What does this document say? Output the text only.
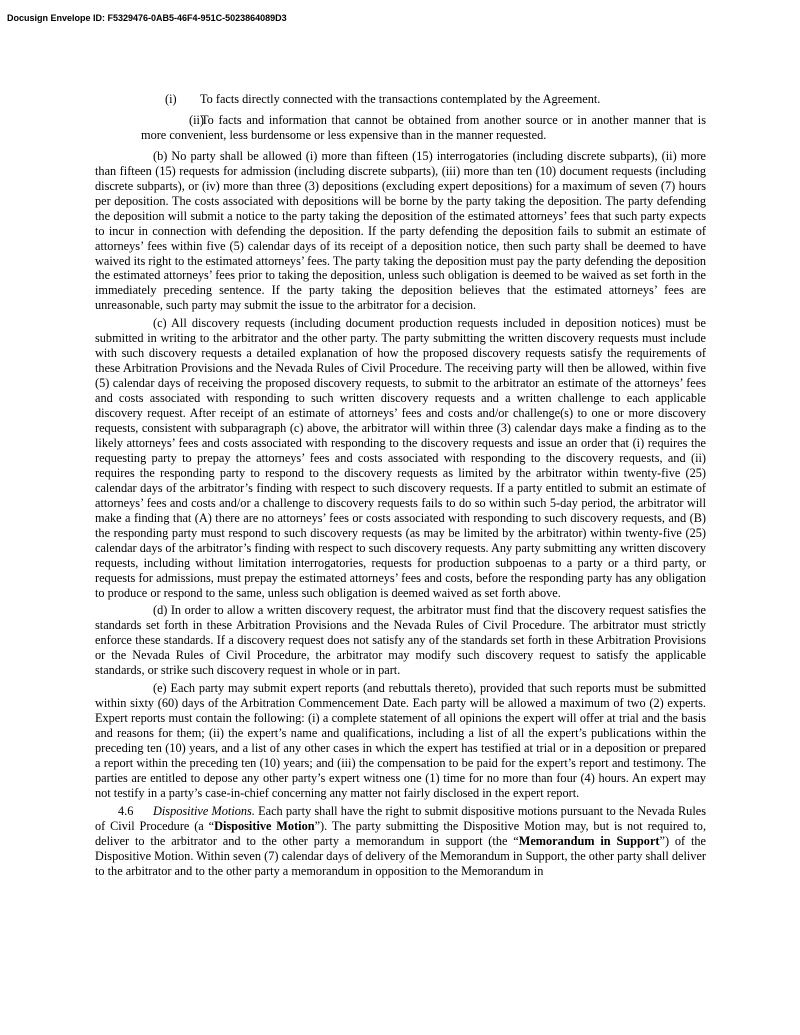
Docusign Envelope ID: F5329476-0AB5-46F4-951C-5023864089D3

(i) To facts directly connected with the transactions contemplated by the Agreement.

(ii)To facts and information that cannot be obtained from another source or in another manner that is more convenient, less burdensome or less expensive than in the manner requested.

(b) No party shall be allowed (i) more than fifteen (15) interrogatories (including discrete subparts), (ii) more than fifteen (15) requests for admission (including discrete subparts), (iii) more than ten (10) document requests (including discrete subparts), or (iv) more than three (3) depositions (excluding expert depositions) for a maximum of seven (7) hours per deposition. The costs associated with depositions will be borne by the party taking the deposition. The party defending the deposition will submit a notice to the party taking the deposition of the estimated attorneys’ fees that such party expects to incur in connection with defending the deposition. If the party defending the deposition fails to submit an estimate of attorneys’ fees within five (5) calendar days of its receipt of a deposition notice, then such party shall be deemed to have waived its right to the estimated attorneys’ fees. The party taking the deposition must pay the party defending the deposition the estimated attorneys’ fees prior to taking the deposition, unless such obligation is deemed to be waived as set forth in the immediately preceding sentence. If the party taking the deposition believes that the estimated attorneys’ fees are unreasonable, such party may submit the issue to the arbitrator for a decision.

(c) All discovery requests (including document production requests included in deposition notices) must be submitted in writing to the arbitrator and the other party. The party submitting the written discovery requests must include with such discovery requests a detailed explanation of how the proposed discovery requests satisfy the requirements of these Arbitration Provisions and the Nevada Rules of Civil Procedure. The receiving party will then be allowed, within five (5) calendar days of receiving the proposed discovery requests, to submit to the arbitrator an estimate of the attorneys’ fees and costs associated with responding to such written discovery requests and a written challenge to each applicable discovery request. After receipt of an estimate of attorneys’ fees and costs and/or challenge(s) to one or more discovery requests, consistent with subparagraph (c) above, the arbitrator will within three (3) calendar days make a finding as to the likely attorneys’ fees and costs associated with responding to the discovery requests and issue an order that (i) requires the requesting party to prepay the attorneys’ fees and costs associated with responding to the discovery requests, and (ii) requires the responding party to respond to the discovery requests as limited by the arbitrator within twenty-five (25) calendar days of the arbitrator’s finding with respect to such discovery requests. If a party entitled to submit an estimate of attorneys’ fees and costs and/or a challenge to discovery requests fails to do so within such 5-day period, the arbitrator will make a finding that (A) there are no attorneys’ fees or costs associated with responding to such discovery requests, and (B) the responding party must respond to such discovery requests (as may be limited by the arbitrator) within twenty-five (25) calendar days of the arbitrator’s finding with respect to such discovery requests. Any party submitting any written discovery requests, including without limitation interrogatories, requests for production subpoenas to a party or a third party, or requests for admissions, must prepay the estimated attorneys’ fees and costs, before the responding party has any obligation to produce or respond to the same, unless such obligation is deemed waived as set forth above.

(d) In order to allow a written discovery request, the arbitrator must find that the discovery request satisfies the standards set forth in these Arbitration Provisions and the Nevada Rules of Civil Procedure. The arbitrator must strictly enforce these standards. If a discovery request does not satisfy any of the standards set forth in these Arbitration Provisions or the Nevada Rules of Civil Procedure, the arbitrator may modify such discovery request to satisfy the applicable standards, or strike such discovery request in whole or in part.

(e) Each party may submit expert reports (and rebuttals thereto), provided that such reports must be submitted within sixty (60) days of the Arbitration Commencement Date. Each party will be allowed a maximum of two (2) experts. Expert reports must contain the following: (i) a complete statement of all opinions the expert will offer at trial and the basis and reasons for them; (ii) the expert’s name and qualifications, including a list of all the expert’s publications within the preceding ten (10) years, and a list of any other cases in which the expert has testified at trial or in a deposition or prepared a report within the preceding ten (10) years; and (iii) the compensation to be paid for the expert’s report and testimony. The parties are entitled to depose any other party’s expert witness one (1) time for no more than four (4) hours. An expert may not testify in a party’s case-in-chief concerning any matter not fairly disclosed in the expert report.

4.6 Dispositive Motions. Each party shall have the right to submit dispositive motions pursuant to the Nevada Rules of Civil Procedure (a “Dispositive Motion”). The party submitting the Dispositive Motion may, but is not required to, deliver to the arbitrator and to the other party a memorandum in support (the “Memorandum in Support”) of the Dispositive Motion. Within seven (7) calendar days of delivery of the Memorandum in Support, the other party shall deliver to the arbitrator and to the other party a memorandum in opposition to the Memorandum in
